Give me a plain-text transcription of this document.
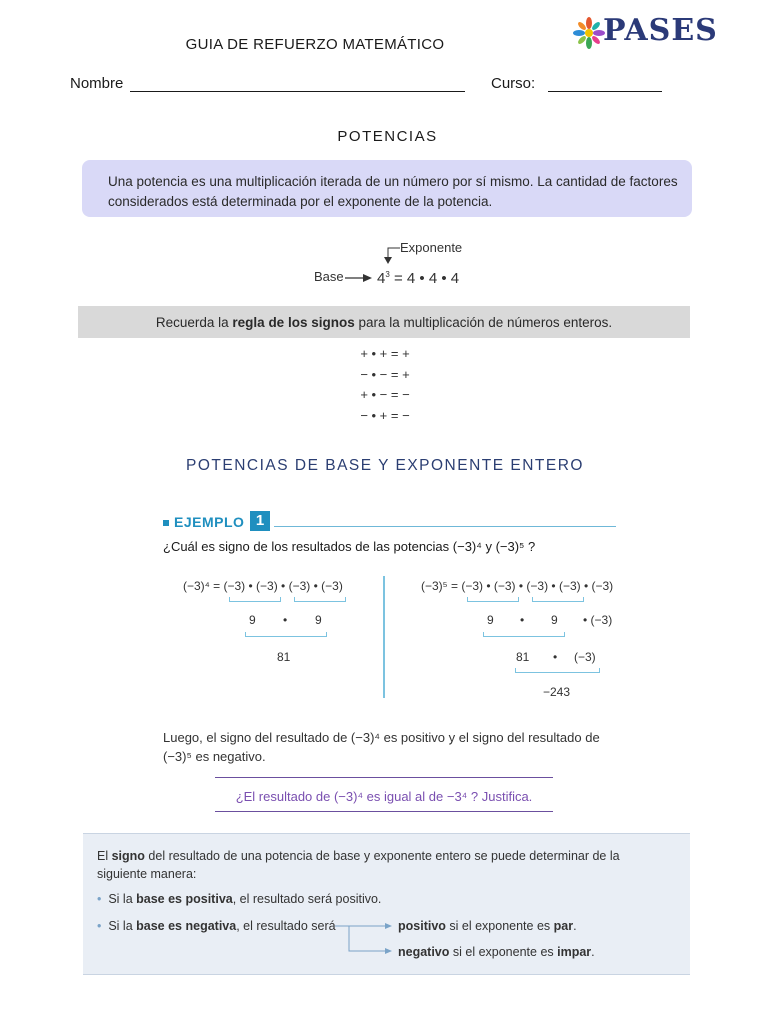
GUIA DE REFUERZO MATEMÁTICO	PASES
Nombre	Curso:
POTENCIAS
Una potencia es una multiplicación iterada de un número por sí mismo. La cantidad de factores considerados está determinada por el exponente de la potencia.
Exponente
Base $4^3 = 4$ • 4 • 4
Recuerda la regla de los signos para la multiplicación de números enteros.
+ • + = +
− • − = +
+ • − = −
− • + = −
POTENCIAS DE BASE Y EXPONENTE ENTERO
EJEMPLO 1
¿Cuál es signo de los resultados de las potencias (−3)⁴ y (−3)⁵ ?
(−3)⁴ = (−3) • (−3) • (−3) • (−3)
9 • 9
81
(−3)⁵ = (−3) • (−3) • (−3) • (−3) • (−3)
9 • 9 • (−3)
81 • (−3)
−243
Luego, el signo del resultado de (−3)⁴ es positivo y el signo del resultado de (−3)⁵ es negativo.
¿El resultado de (−3)⁴ es igual al de −3⁴ ? Justifica.
El signo del resultado de una potencia de base y exponente entero se puede determinar de la siguiente manera:
• Si la base es positiva, el resultado será positivo.
• Si la base es negativa, el resultado será	positivo si el exponente es par.
negativo si el exponente es impar.
